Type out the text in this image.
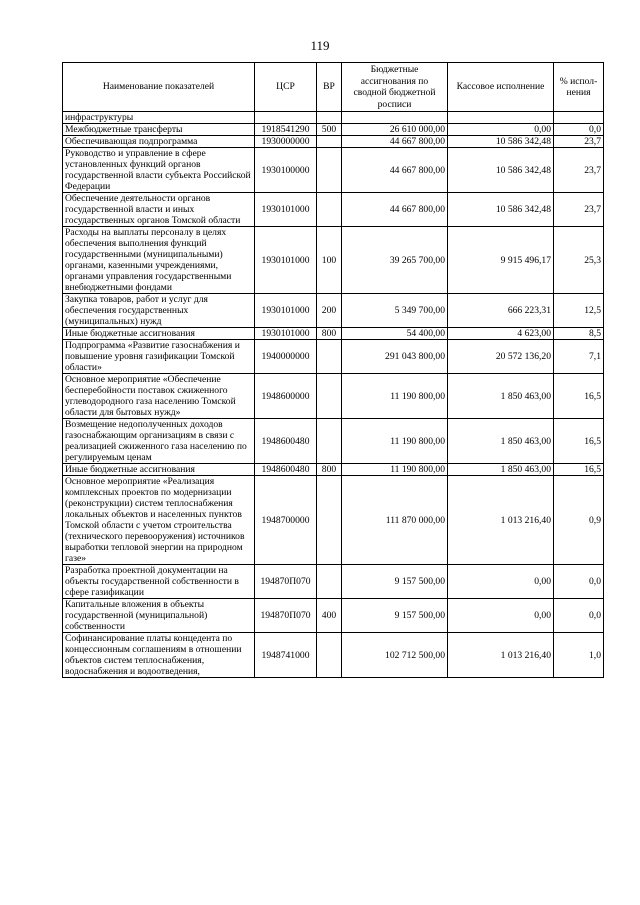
119
Наименование показателей	ЦСР	ВР	Бюджетные ассигнования по сводной бюджетной росписи	Кассовое исполнение	% испол-нения
инфраструктуры					
Межбюджетные трансферты	1918541290	500	26 610 000,00	0,00	0,0
Обеспечивающая подпрограмма	1930000000		44 667 800,00	10 586 342,48	23,7
Руководство и управление в сфере установленных функций органов государственной власти субъекта Российской Федерации	1930100000		44 667 800,00	10 586 342,48	23,7
Обеспечение деятельности органов государственной власти и иных государственных органов Томской области	1930101000		44 667 800,00	10 586 342,48	23,7
Расходы на выплаты персоналу в целях обеспечения выполнения функций государственными (муниципальными) органами, казенными учреждениями, органами управления государственными внебюджетными фондами	1930101000	100	39 265 700,00	9 915 496,17	25,3
Закупка товаров, работ и услуг для обеспечения государственных (муниципальных) нужд	1930101000	200	5 349 700,00	666 223,31	12,5
Иные бюджетные ассигнования	1930101000	800	54 400,00	4 623,00	8,5
Подпрограмма «Развитие газоснабжения и повышение уровня газификации Томской области»	1940000000		291 043 800,00	20 572 136,20	7,1
Основное мероприятие «Обеспечение бесперебойности поставок сжиженного углеводородного газа населению Томской области для бытовых нужд»	1948600000		11 190 800,00	1 850 463,00	16,5
Возмещение недополученных доходов газоснабжающим организациям в связи с реализацией сжиженного газа населению по регулируемым ценам	1948600480		11 190 800,00	1 850 463,00	16,5
Иные бюджетные ассигнования	1948600480	800	11 190 800,00	1 850 463,00	16,5
Основное мероприятие «Реализация комплексных проектов по модернизации (реконструкции) систем теплоснабжения локальных объектов и населенных пунктов Томской области с учетом строительства (технического перевооружения) источников выработки тепловой энергии на природном газе»	1948700000		111 870 000,00	1 013 216,40	0,9
Разработка проектной документации на объекты государственной собственности в сфере газификации	194870П070		9 157 500,00	0,00	0,0
Капитальные вложения в объекты государственной (муниципальной) собственности	194870П070	400	9 157 500,00	0,00	0,0
Софинансирование платы концедента по концессионным соглашениям в отношении объектов систем теплоснабжения, водоснабжения и водоотведения,	1948741000		102 712 500,00	1 013 216,40	1,0
